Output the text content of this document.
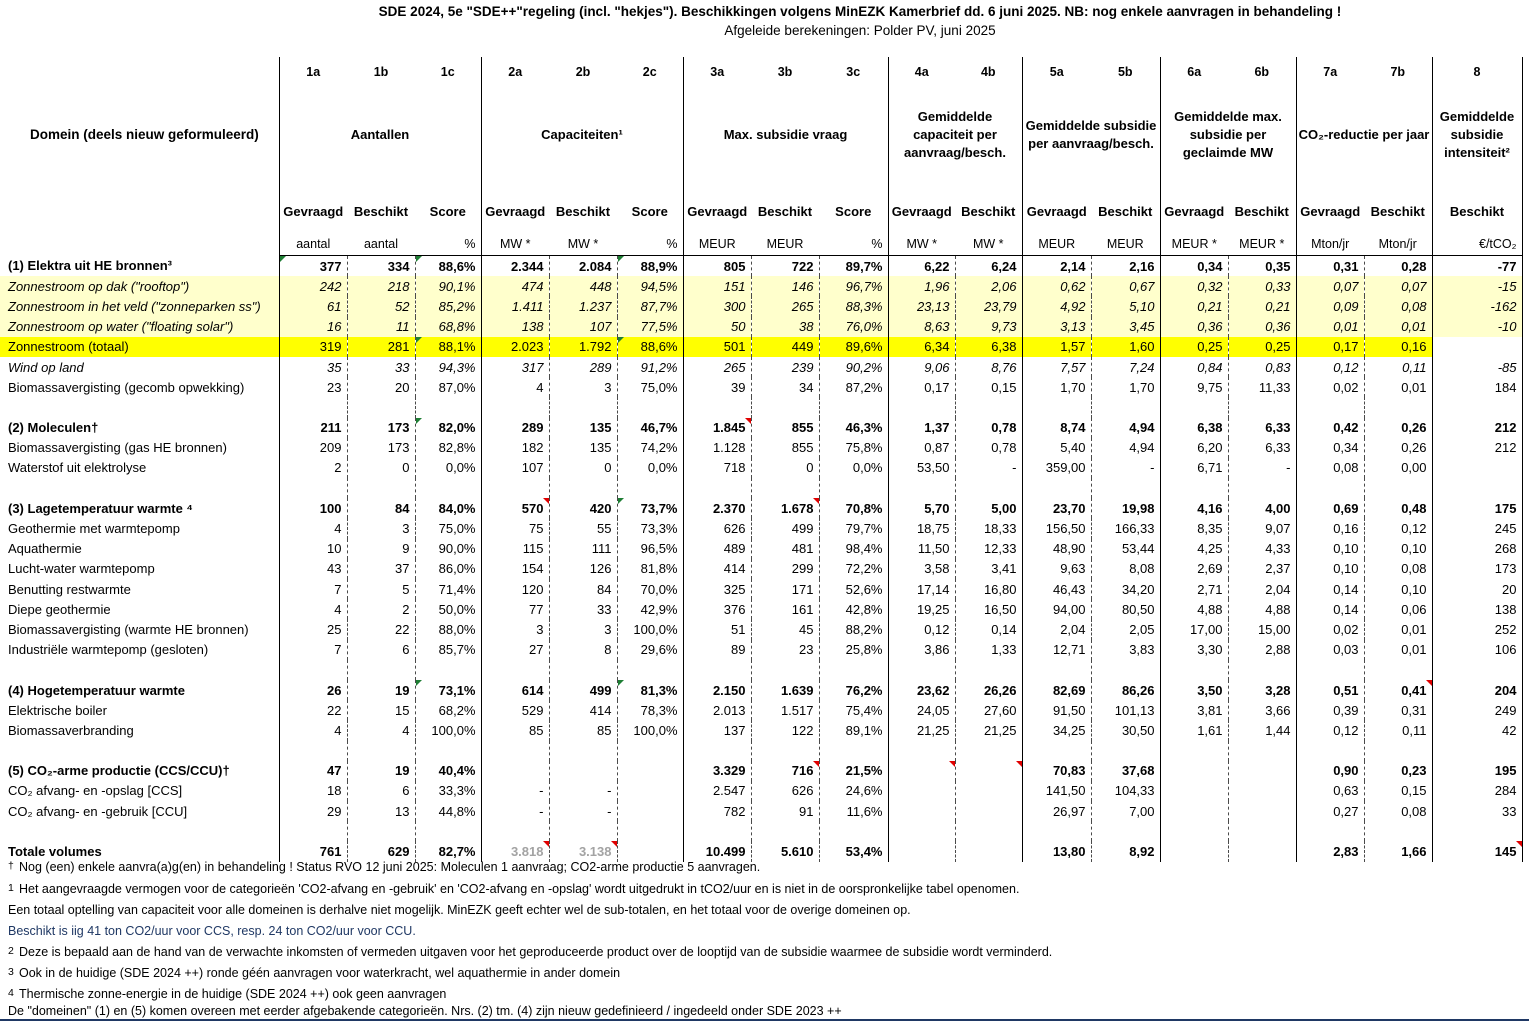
SDE 2024, 5e "SDE++"regeling (incl. "hekjes"). Beschikkingen volgens MinEZK Kamerbrief dd. 6 juni 2025. NB: nog enkele aanvragen in behandeling !
Afgeleide berekeningen: Polder PV, juni 2025
	1a	1b	1c	2a	2b	2c	3a	3b	3c	4a	4b	5a	5b	6a	6b	7a	7b	8
Domein (deels nieuw geformuleerd)	Aantallen			Capaciteiten¹			Max. subsidie vraag			Gemiddelde capaciteit per aanvraag/besch.		Gemiddelde subsidie per aanvraag/besch.		Gemiddelde max. subsidie per geclaimde MW		CO₂-reductie per jaar		Gemiddelde subsidie intensiteit²
	Gevraagd	Beschikt	Score	Gevraagd	Beschikt	Score	Gevraagd	Beschikt	Score	Gevraagd	Beschikt	Gevraagd	Beschikt	Gevraagd	Beschikt	Gevraagd	Beschikt	Beschikt
	aantal	aantal	%	MW *	MW *	%	MEUR	MEUR	%	MW *	MW *	MEUR	MEUR	MEUR *	MEUR *	Mton/jr	Mton/jr	€/tCO₂
(1) Elektra uit HE bronnen³	377	334	88,6%	2.344	2.084	88,9%	805	722	89,7%	6,22	6,24	2,14	2,16	0,34	0,35	0,31	0,28	-77
Zonnestroom op dak ("rooftop")	242	218	90,1%	474	448	94,5%	151	146	96,7%	1,96	2,06	0,62	0,67	0,32	0,33	0,07	0,07	-15
Zonnestroom in het veld ("zonneparken ss")	61	52	85,2%	1.411	1.237	87,7%	300	265	88,3%	23,13	23,79	4,92	5,10	0,21	0,21	0,09	0,08	-162
Zonnestroom op water ("floating solar")	16	11	68,8%	138	107	77,5%	50	38	76,0%	8,63	9,73	3,13	3,45	0,36	0,36	0,01	0,01	-10
Zonnestroom (totaal)	319	281	88,1%	2.023	1.792	88,6%	501	449	89,6%	6,34	6,38	1,57	1,60	0,25	0,25	0,17	0,16	
Wind op land	35	33	94,3%	317	289	91,2%	265	239	90,2%	9,06	8,76	7,57	7,24	0,84	0,83	0,12	0,11	-85
Biomassavergisting (gecomb opwekking)	23	20	87,0%	4	3	75,0%	39	34	87,2%	0,17	0,15	1,70	1,70	9,75	11,33	0,02	0,01	184

(2) Moleculen†	211	173	82,0%	289	135	46,7%	1.845	855	46,3%	1,37	0,78	8,74	4,94	6,38	6,33	0,42	0,26	212
Biomassavergisting (gas HE bronnen)	209	173	82,8%	182	135	74,2%	1.128	855	75,8%	0,87	0,78	5,40	4,94	6,20	6,33	0,34	0,26	212
Waterstof uit elektrolyse	2	0	0,0%	107	0	0,0%	718	0	0,0%	53,50	-	359,00	-	6,71	-	0,08	0,00	

(3) Lagetemperatuur warmte ⁴	100	84	84,0%	570	420	73,7%	2.370	1.678	70,8%	5,70	5,00	23,70	19,98	4,16	4,00	0,69	0,48	175
Geothermie met warmtepomp	4	3	75,0%	75	55	73,3%	626	499	79,7%	18,75	18,33	156,50	166,33	8,35	9,07	0,16	0,12	245
Aquathermie	10	9	90,0%	115	111	96,5%	489	481	98,4%	11,50	12,33	48,90	53,44	4,25	4,33	0,10	0,10	268
Lucht-water warmtepomp	43	37	86,0%	154	126	81,8%	414	299	72,2%	3,58	3,41	9,63	8,08	2,69	2,37	0,10	0,08	173
Benutting restwarmte	7	5	71,4%	120	84	70,0%	325	171	52,6%	17,14	16,80	46,43	34,20	2,71	2,04	0,14	0,10	20
Diepe geothermie	4	2	50,0%	77	33	42,9%	376	161	42,8%	19,25	16,50	94,00	80,50	4,88	4,88	0,14	0,06	138
Biomassavergisting (warmte HE bronnen)	25	22	88,0%	3	3	100,0%	51	45	88,2%	0,12	0,14	2,04	2,05	17,00	15,00	0,02	0,01	252
Industriële warmtepomp (gesloten)	7	6	85,7%	27	8	29,6%	89	23	25,8%	3,86	1,33	12,71	3,83	3,30	2,88	0,03	0,01	106

(4) Hogetemperatuur warmte	26	19	73,1%	614	499	81,3%	2.150	1.639	76,2%	23,62	26,26	82,69	86,26	3,50	3,28	0,51	0,41	204
Elektrische boiler	22	15	68,2%	529	414	78,3%	2.013	1.517	75,4%	24,05	27,60	91,50	101,13	3,81	3,66	0,39	0,31	249
Biomassaverbranding	4	4	100,0%	85	85	100,0%	137	122	89,1%	21,25	21,25	34,25	30,50	1,61	1,44	0,12	0,11	42

(5) CO₂-arme productie (CCS/CCU)†	47	19	40,4%				3.329	716	21,5%			70,83	37,68			0,90	0,23	195
CO₂ afvang- en -opslag [CCS]	18	6	33,3%	-	-		2.547	626	24,6%			141,50	104,33			0,63	0,15	284
CO₂ afvang- en -gebruik [CCU]	29	13	44,8%	-	-		782	91	11,6%			26,97	7,00			0,27	0,08	33

Totale volumes	761	629	82,7%	3.818	3.138		10.499	5.610	53,4%			13,80	8,92			2,83	1,66	145
† Nog (een) enkele aanvra(a)g(en) in behandeling ! Status RVO 12 juni 2025: Moleculen 1 aanvraag; CO2-arme productie 5 aanvragen.
1 Het aangevraagde vermogen voor de categorieën 'CO2-afvang en -gebruik' en 'CO2-afvang en -opslag' wordt uitgedrukt in tCO2/uur en is niet in de oorspronkelijke tabel openomen.
Een totaal optelling van capaciteit voor alle domeinen is derhalve niet mogelijk. MinEZK geeft echter wel de sub-totalen, en het totaal voor de overige domeinen op.
Beschikt is iig 41 ton CO2/uur voor CCS, resp. 24 ton CO2/uur voor CCU.
2 Deze is bepaald aan de hand van de verwachte inkomsten of vermeden uitgaven voor het geproduceerde product over de looptijd van de subsidie waarmee de subsidie wordt verminderd.
3 Ook in de huidige (SDE 2024 ++) ronde géén aanvragen voor waterkracht, wel aquathermie in ander domein
4 Thermische zonne-energie in de huidige (SDE 2024 ++) ook geen aanvragen
De "domeinen" (1) en (5) komen overeen met eerder afgebakende categorieën. Nrs. (2) tm. (4) zijn nieuw gedefinieerd / ingedeeld onder SDE 2023 ++
